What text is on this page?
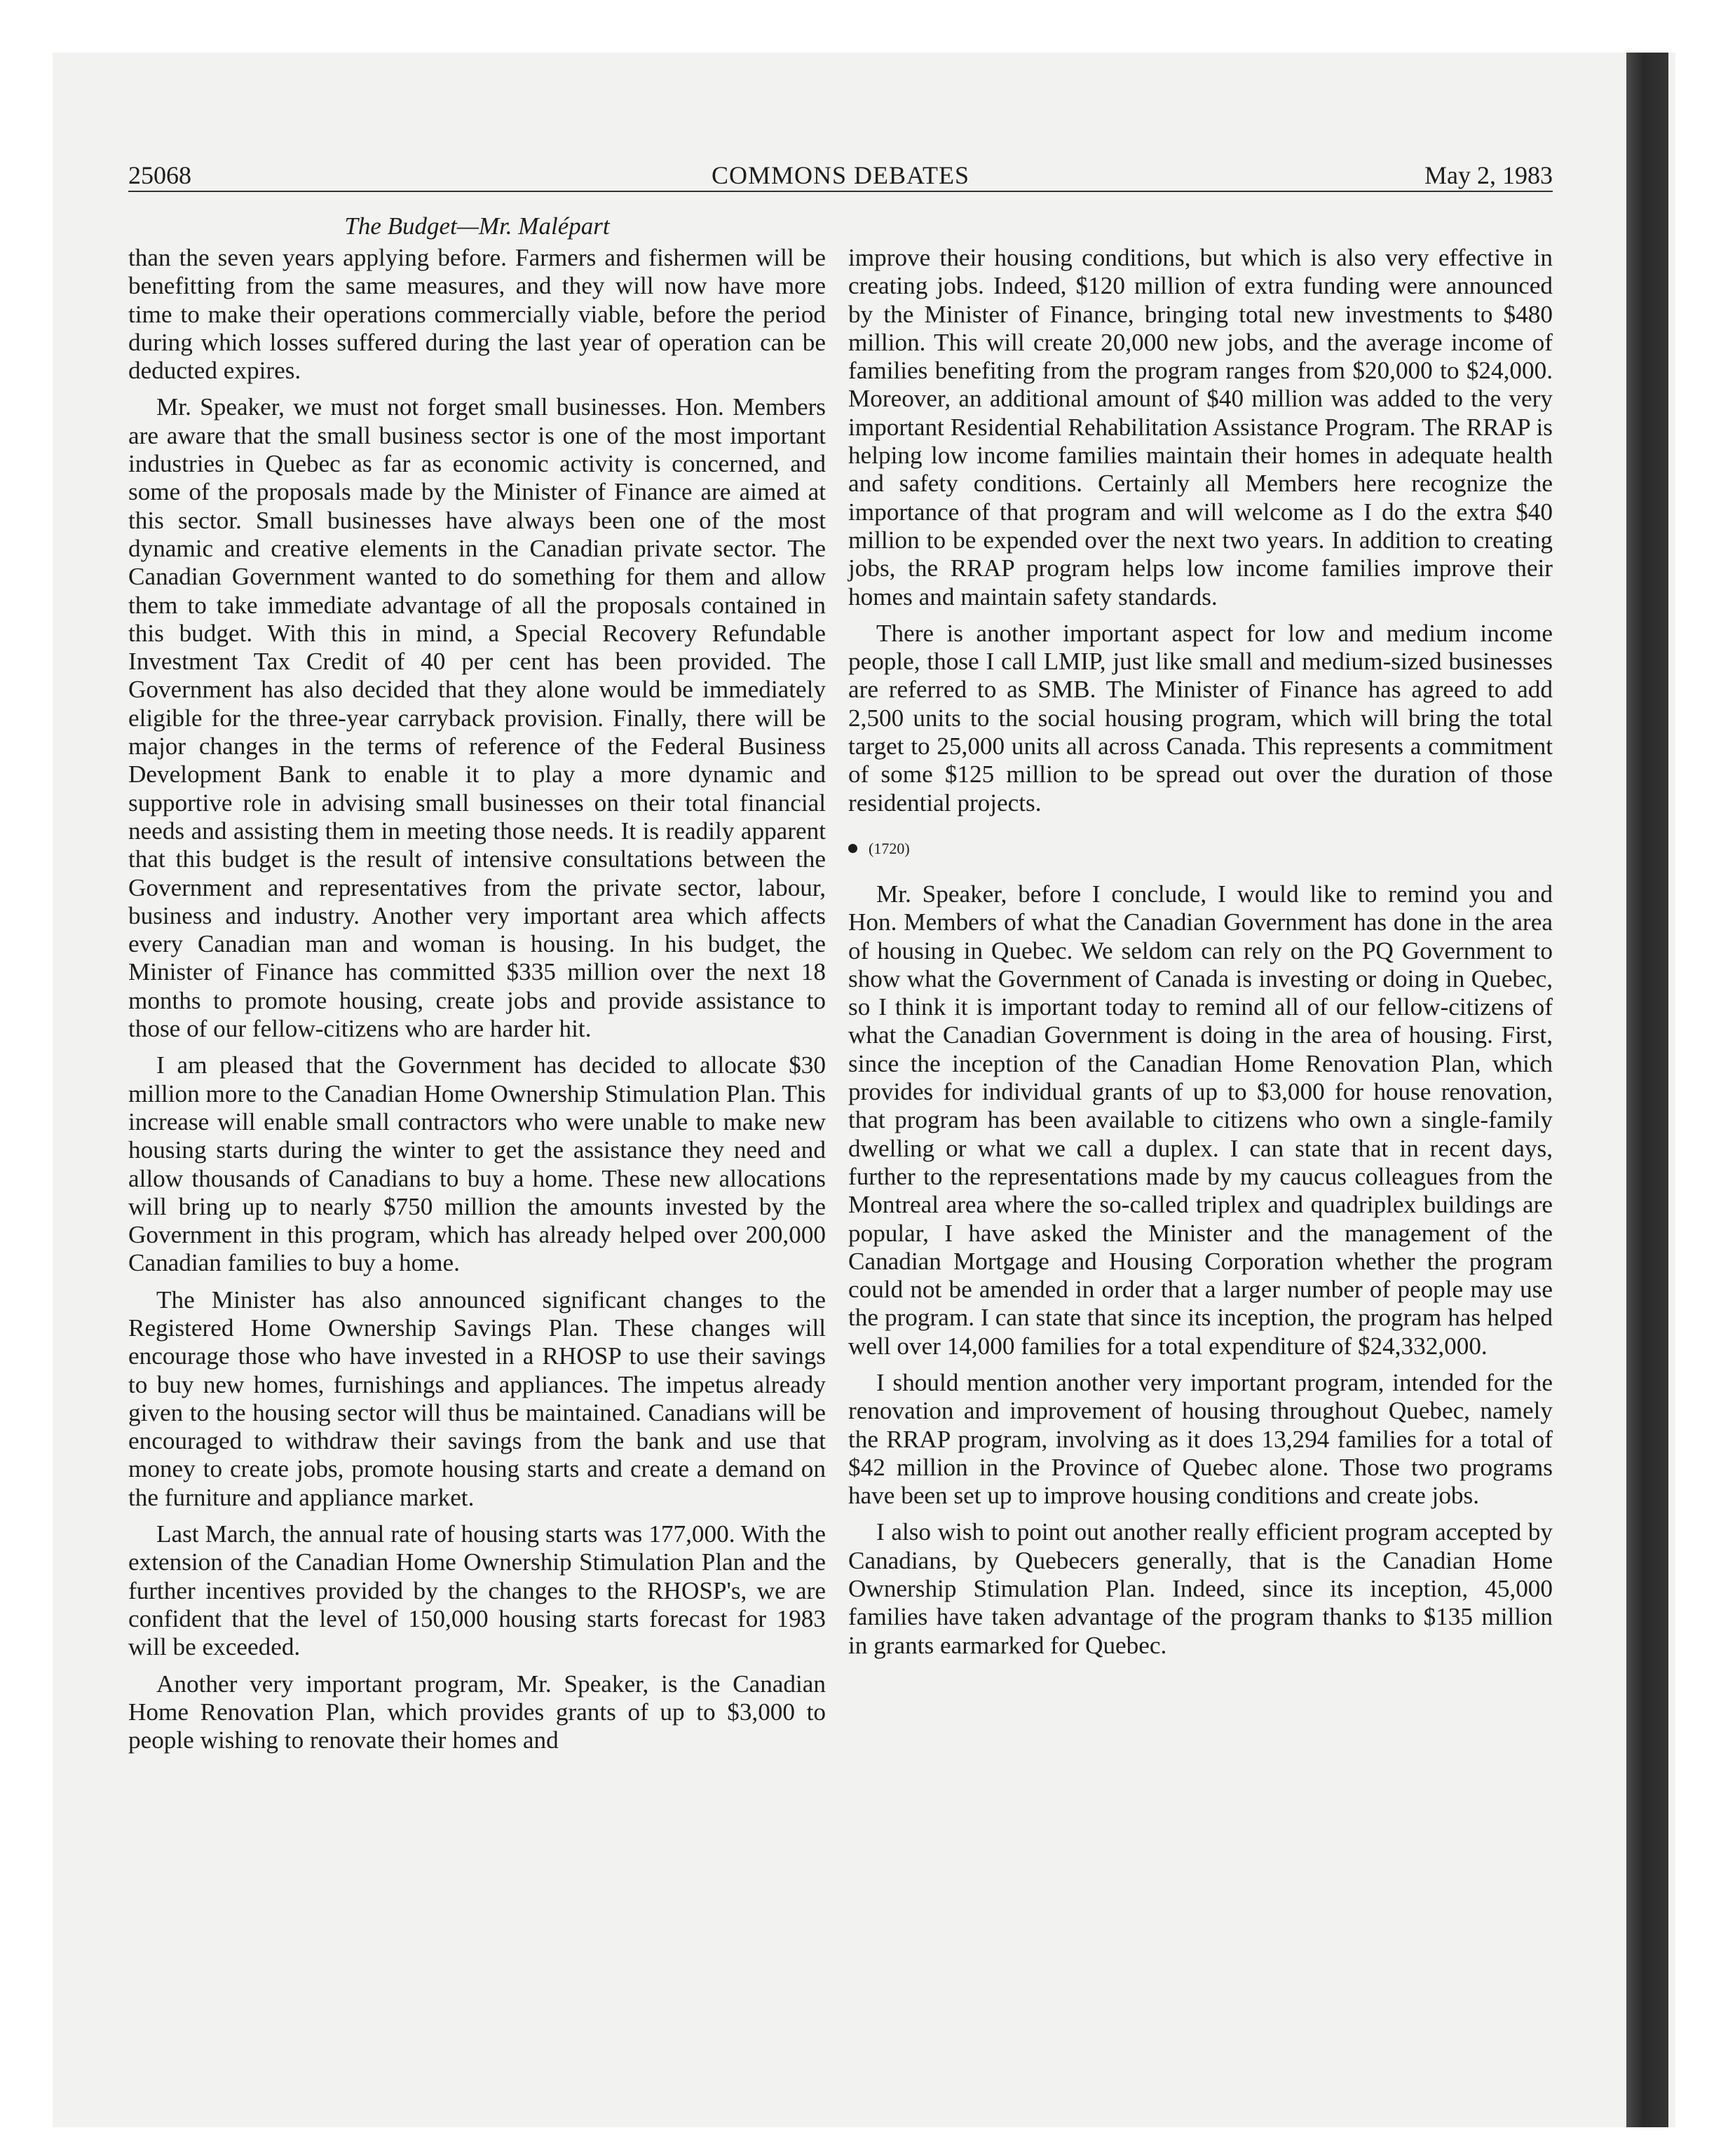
25068	COMMONS DEBATES	May 2, 1983
The Budget—Mr. Malépart

than the seven years applying before. Farmers and fishermen will be benefitting from the same measures, and they will now have more time to make their operations commercially viable, before the period during which losses suffered during the last year of operation can be deducted expires.

Mr. Speaker, we must not forget small businesses. Hon. Members are aware that the small business sector is one of the most important industries in Quebec as far as economic activity is concerned, and some of the proposals made by the Minister of Finance are aimed at this sector. Small businesses have always been one of the most dynamic and creative elements in the Canadian private sector. The Canadian Government wanted to do something for them and allow them to take immediate advantage of all the proposals contained in this budget. With this in mind, a Special Recovery Refundable Investment Tax Credit of 40 per cent has been provided. The Government has also decided that they alone would be immediately eligible for the three-year carryback provision. Finally, there will be major changes in the terms of reference of the Federal Business Development Bank to enable it to play a more dynamic and supportive role in advising small businesses on their total financial needs and assisting them in meeting those needs. It is readily apparent that this budget is the result of intensive consultations between the Government and representatives from the private sector, labour, business and industry. Another very important area which affects every Canadian man and woman is housing. In his budget, the Minister of Finance has committed $335 million over the next 18 months to promote housing, create jobs and provide assistance to those of our fellow-citizens who are harder hit.

I am pleased that the Government has decided to allocate $30 million more to the Canadian Home Ownership Stimulation Plan. This increase will enable small contractors who were unable to make new housing starts during the winter to get the assistance they need and allow thousands of Canadians to buy a home. These new allocations will bring up to nearly $750 million the amounts invested by the Government in this program, which has already helped over 200,000 Canadian families to buy a home.

The Minister has also announced significant changes to the Registered Home Ownership Savings Plan. These changes will encourage those who have invested in a RHOSP to use their savings to buy new homes, furnishings and appliances. The impetus already given to the housing sector will thus be maintained. Canadians will be encouraged to withdraw their savings from the bank and use that money to create jobs, promote housing starts and create a demand on the furniture and appliance market.

Last March, the annual rate of housing starts was 177,000. With the extension of the Canadian Home Ownership Stimulation Plan and the further incentives provided by the changes to the RHOSP's, we are confident that the level of 150,000 housing starts forecast for 1983 will be exceeded.

Another very important program, Mr. Speaker, is the Canadian Home Renovation Plan, which provides grants of up to $3,000 to people wishing to renovate their homes and

improve their housing conditions, but which is also very effective in creating jobs. Indeed, $120 million of extra funding were announced by the Minister of Finance, bringing total new investments to $480 million. This will create 20,000 new jobs, and the average income of families benefiting from the program ranges from $20,000 to $24,000. Moreover, an additional amount of $40 million was added to the very important Residential Rehabilitation Assistance Program. The RRAP is helping low income families maintain their homes in adequate health and safety conditions. Certainly all Members here recognize the importance of that program and will welcome as I do the extra $40 million to be expended over the next two years. In addition to creating jobs, the RRAP program helps low income families improve their homes and maintain safety standards.

There is another important aspect for low and medium income people, those I call LMIP, just like small and medium-sized businesses are referred to as SMB. The Minister of Finance has agreed to add 2,500 units to the social housing program, which will bring the total target to 25,000 units all across Canada. This represents a commitment of some $125 million to be spread out over the duration of those residential projects.

(1720)

Mr. Speaker, before I conclude, I would like to remind you and Hon. Members of what the Canadian Government has done in the area of housing in Quebec. We seldom can rely on the PQ Government to show what the Government of Canada is investing or doing in Quebec, so I think it is important today to remind all of our fellow-citizens of what the Canadian Government is doing in the area of housing. First, since the inception of the Canadian Home Renovation Plan, which provides for individual grants of up to $3,000 for house renovation, that program has been available to citizens who own a single-family dwelling or what we call a duplex. I can state that in recent days, further to the representations made by my caucus colleagues from the Montreal area where the so-called triplex and quadriplex buildings are popular, I have asked the Minister and the management of the Canadian Mortgage and Housing Corporation whether the program could not be amended in order that a larger number of people may use the program. I can state that since its inception, the program has helped well over 14,000 families for a total expenditure of $24,332,000.

I should mention another very important program, intended for the renovation and improvement of housing throughout Quebec, namely the RRAP program, involving as it does 13,294 families for a total of $42 million in the Province of Quebec alone. Those two programs have been set up to improve housing conditions and create jobs.

I also wish to point out another really efficient program accepted by Canadians, by Quebecers generally, that is the Canadian Home Ownership Stimulation Plan. Indeed, since its inception, 45,000 families have taken advantage of the program thanks to $135 million in grants earmarked for Quebec.
